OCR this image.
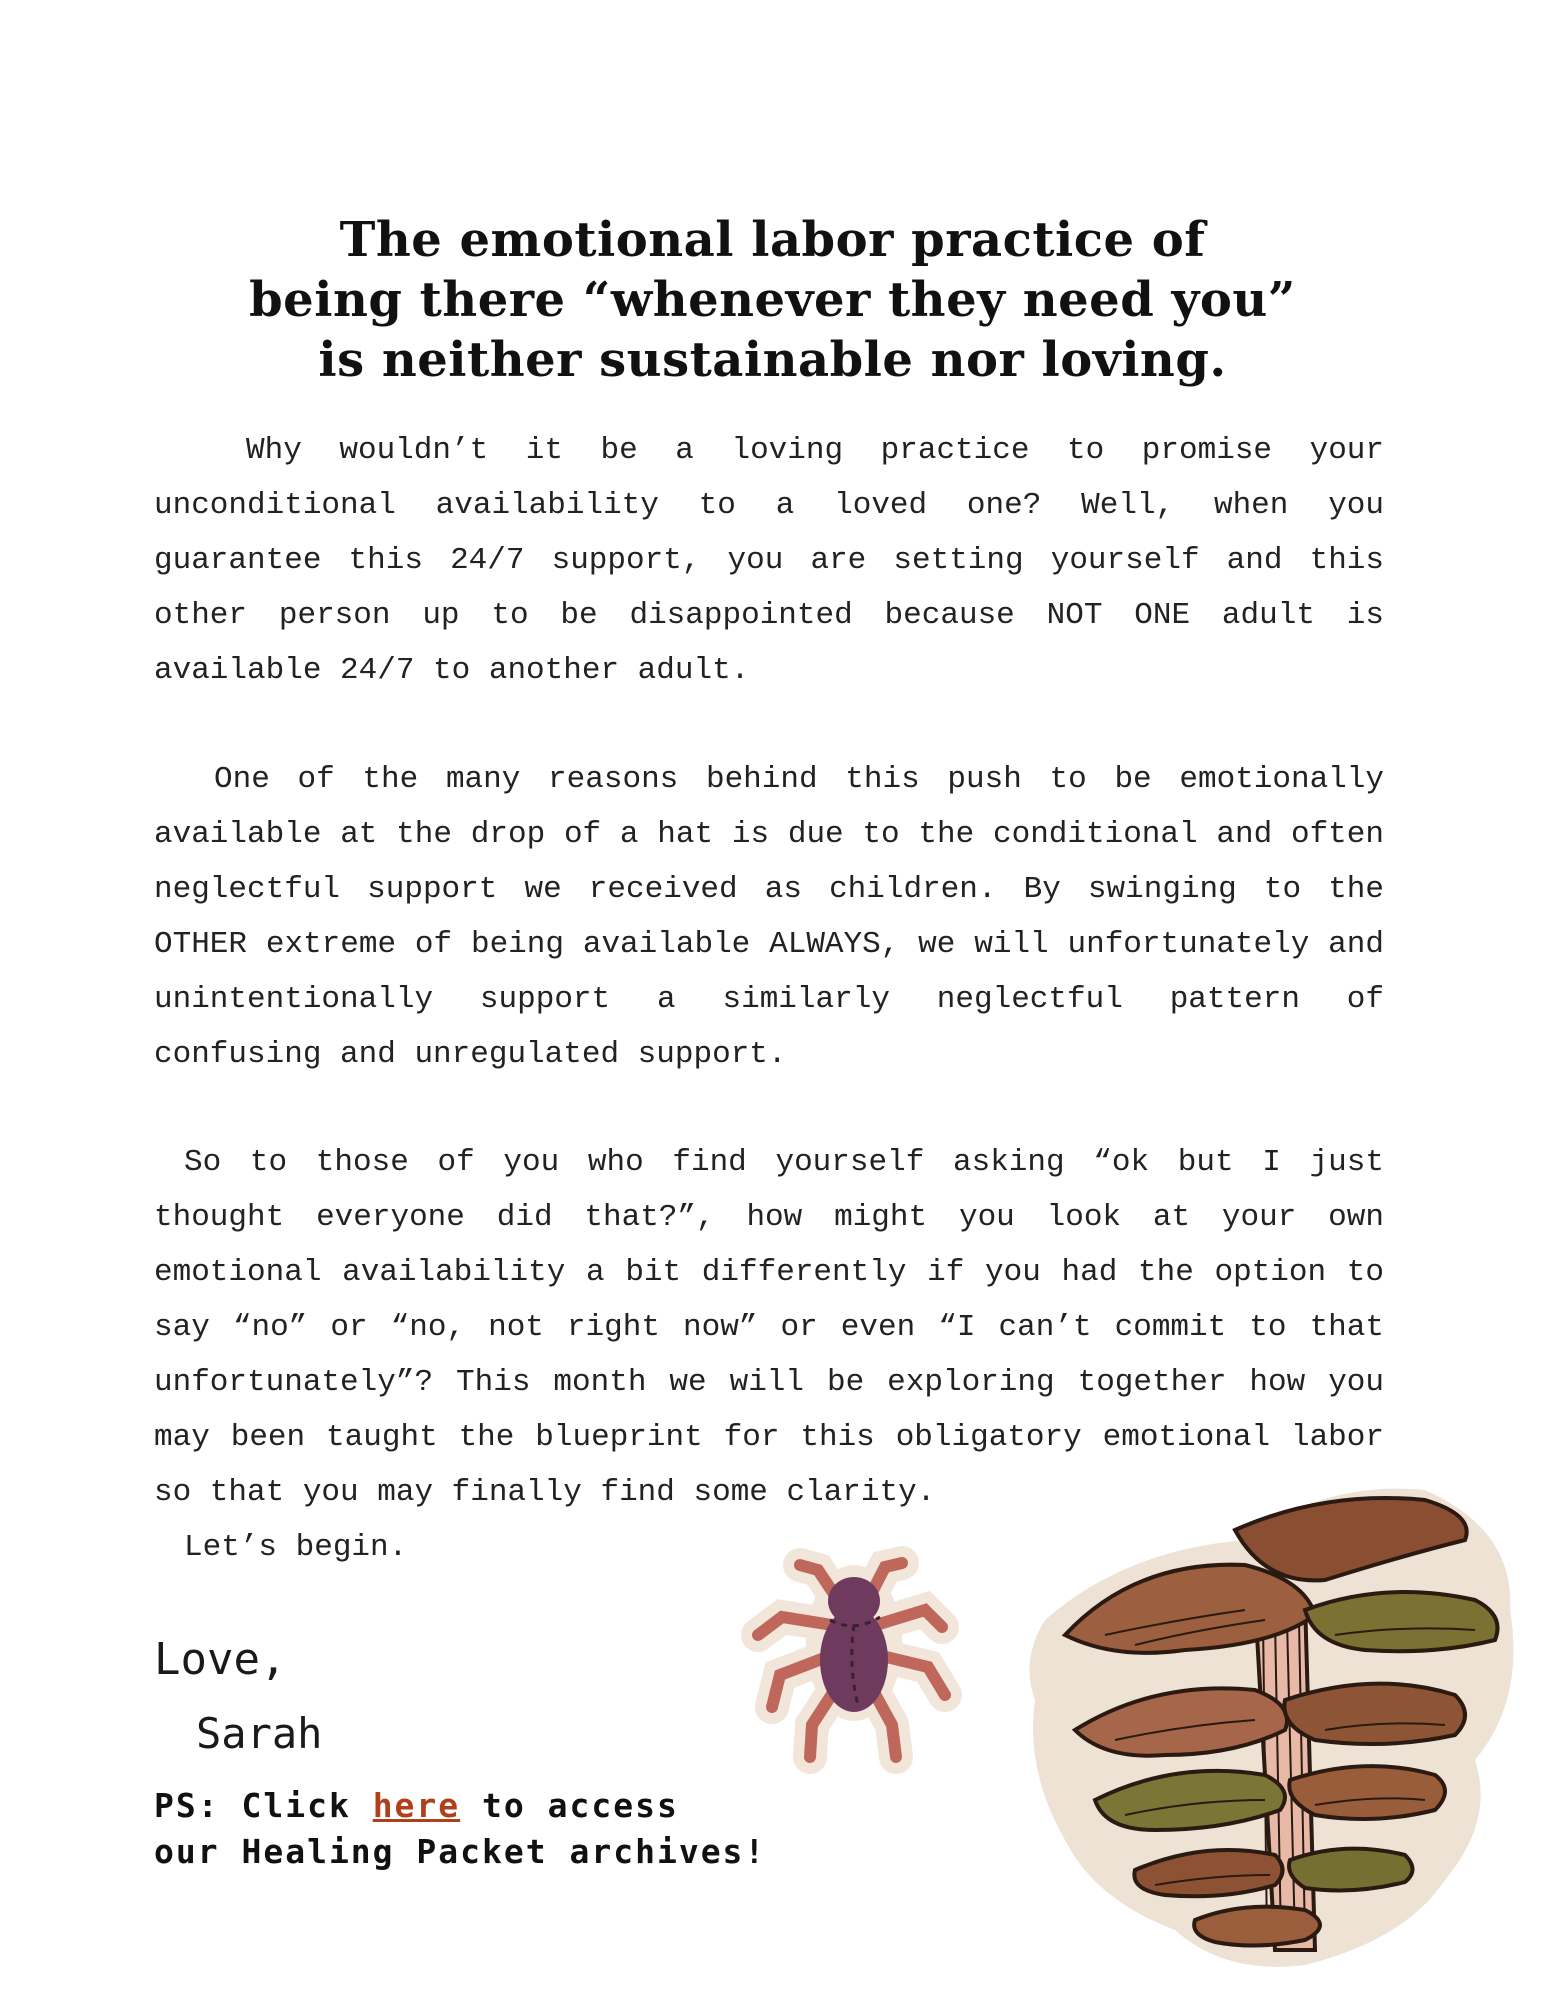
The emotional labor practice of
being there “whenever they need you”
is neither sustainable nor loving.

Why wouldn’t it be a loving practice to promise your unconditional availability to a loved one? Well, when you guarantee this 24/7 support, you are setting yourself and this other person up to be disappointed because NOT ONE adult is available 24/7 to another adult.

One of the many reasons behind this push to be emotionally available at the drop of a hat is due to the conditional and often neglectful support we received as children. By swinging to the OTHER extreme of being available ALWAYS, we will unfortunately and unintentionally support a similarly neglectful pattern of confusing and unregulated support.

So to those of you who find yourself asking “ok but I just thought everyone did that?”, how might you look at your own emotional availability a bit differently if you had the option to say “no” or “no, not right now” or even “I can’t commit to that unfortunately”? This month we will be exploring together how you may been taught the blueprint for this obligatory emotional labor so that you may finally find some clarity.

Let’s begin.
Love,
Sarah
PS: Click here to access
our Healing Packet archives!
